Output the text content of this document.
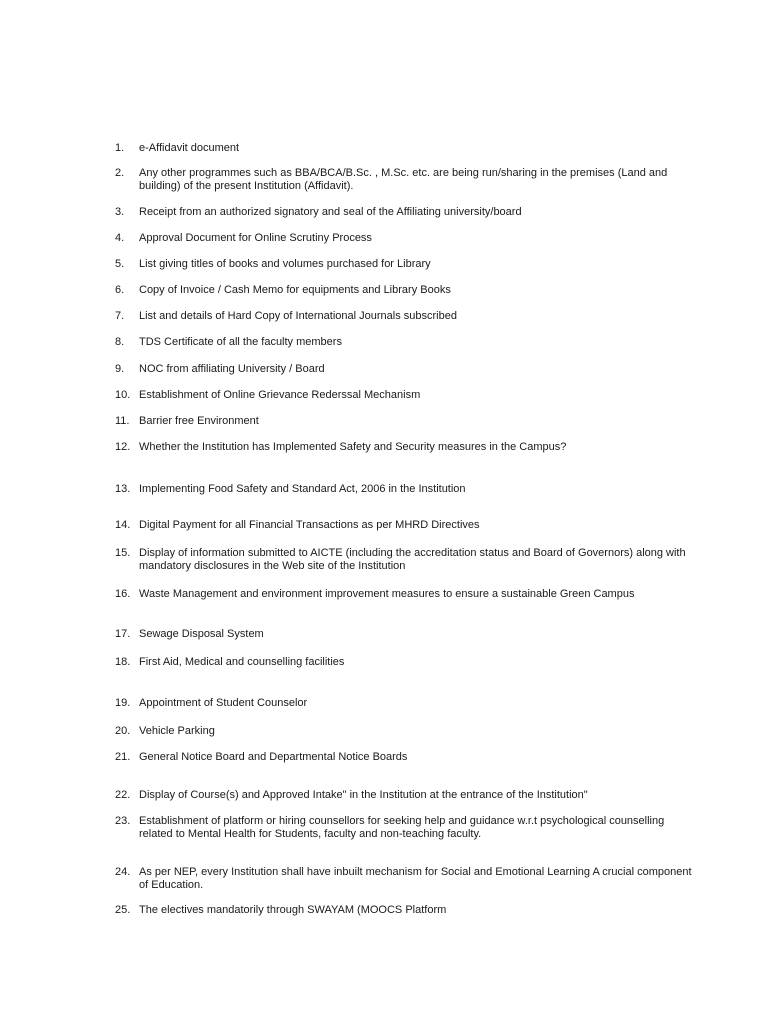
1.	e-Affidavit document
2.	Any other programmes such as BBA/BCA/B.Sc. , M.Sc. etc. are being run/sharing in the premises (Land and building) of the present Institution (Affidavit).
3.	Receipt from an authorized signatory and seal of the Affiliating university/board
4.	Approval Document for Online Scrutiny Process
5.	List giving titles of books and volumes purchased for Library
6.	Copy of Invoice / Cash Memo for equipments and Library Books
7.	List and details of Hard Copy of International Journals subscribed
8.	TDS Certificate of all the faculty members
9.	NOC from affiliating University / Board
10. Establishment of Online Grievance Rederssal Mechanism
11. Barrier free Environment
12. Whether the Institution has Implemented Safety and Security measures in the Campus?
13. Implementing Food Safety and Standard Act, 2006 in the Institution
14. Digital Payment for all Financial Transactions as per MHRD Directives
15. Display of information submitted to AICTE (including the accreditation status and Board of Governors) along with mandatory disclosures in the Web site of the Institution
16. Waste Management and environment improvement measures to ensure a sustainable Green Campus
17. Sewage Disposal System
18. First Aid, Medical and counselling facilities
19. Appointment of Student Counselor
20. Vehicle Parking
21. General Notice Board and Departmental Notice Boards
22. Display of Course(s) and Approved Intake" in the Institution at the entrance of the Institution"
23. Establishment of platform or hiring counsellors for seeking help and guidance w.r.t psychological counselling related to Mental Health for Students, faculty and non-teaching faculty.
24. As per NEP, every Institution shall have inbuilt mechanism for Social and Emotional Learning A crucial component of Education.
25. The electives mandatorily through SWAYAM (MOOCS Platform
